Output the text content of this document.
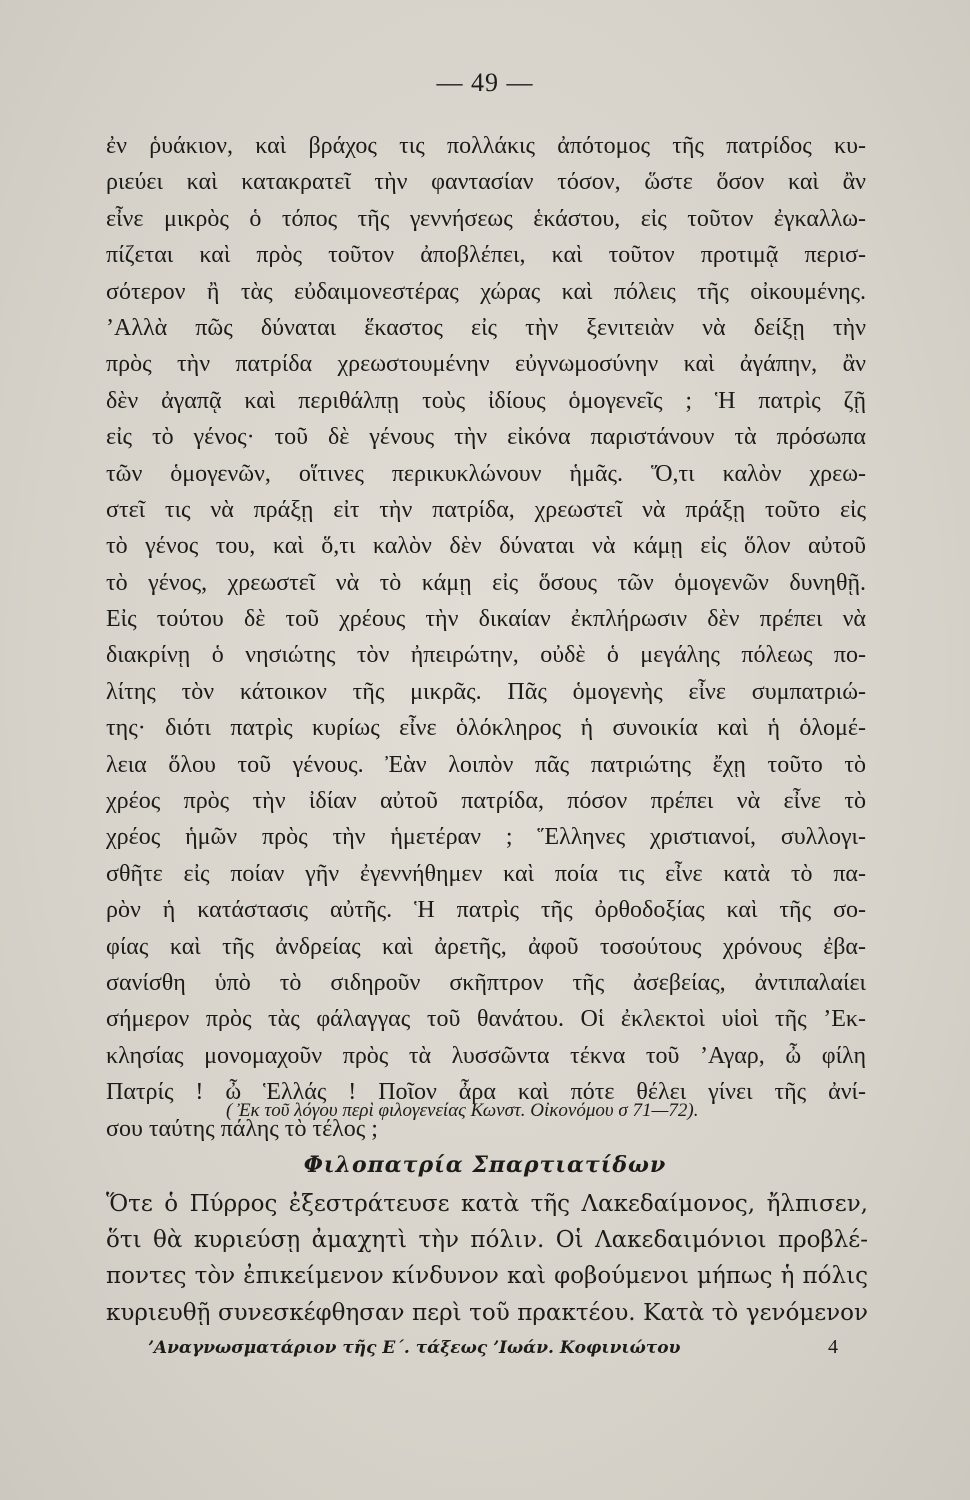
— 49 —
ἐν ῥυάκιον, καὶ βράχος τις πολλάκις ἀπότομος τῆς πατρίδος κυ-
ριεύει καὶ κατακρατεῖ τὴν φαντασίαν τόσον, ὥστε ὅσον καὶ ἂν
εἶνε μικρὸς ὁ τόπος τῆς γεννήσεως ἑκάστου, εἰς τοῦτον ἐγκαλλω-
πίζεται καὶ πρὸς τοῦτον ἀποβλέπει, καὶ τοῦτον προτιμᾷ περισ-
σότερον ἢ τὰς εὐδαιμονεστέρας χώρας καὶ πόλεις τῆς οἰκουμένης.
ʼΑλλὰ πῶς δύναται ἕκαστος εἰς τὴν ξενιτειὰν νὰ δείξῃ τὴν
πρὸς τὴν πατρίδα χρεωστουμένην εὐγνωμοσύνην καὶ ἀγάπην, ἂν
δὲν ἀγαπᾷ καὶ περιθάλπῃ τοὺς ἰδίους ὁμογενεῖς ; Ἡ πατρὶς ζῇ
εἰς τὸ γένος· τοῦ δὲ γένους τὴν εἰκόνα παριστάνουν τὰ πρόσωπα
τῶν ὁμογενῶν, οἵτινες περικυκλώνουν ἡμᾶς. Ὅ,τι καλὸν χρεω-
στεῖ τις νὰ πράξῃ εἰτ τὴν πατρίδα, χρεωστεῖ νὰ πράξῃ τοῦτο εἰς
τὸ γένος του, καὶ ὅ,τι καλὸν δὲν δύναται νὰ κάμῃ εἰς ὅλον αὐτοῦ
τὸ γένος, χρεωστεῖ νὰ τὸ κάμῃ εἰς ὅσους τῶν ὁμογενῶν δυνηθῇ.
Εἰς τούτου δὲ τοῦ χρέους τὴν δικαίαν ἐκπλήρωσιν δὲν πρέπει νὰ
διακρίνῃ ὁ νησιώτης τὸν ἠπειρώτην, οὐδὲ ὁ μεγάλης πόλεως πο-
λίτης τὸν κάτοικον τῆς μικρᾶς. Πᾶς ὁμογενὴς εἶνε συμπατριώ-
της· διότι πατρὶς κυρίως εἶνε ὁλόκληρος ἡ συνοικία καὶ ἡ ὁλομέ-
λεια ὅλου τοῦ γένους. Ἐὰν λοιπὸν πᾶς πατριώτης ἔχῃ τοῦτο τὸ
χρέος πρὸς τὴν ἰδίαν αὐτοῦ πατρίδα, πόσον πρέπει νὰ εἶνε τὸ
χρέος ἡμῶν πρὸς τὴν ἡμετέραν ; Ἕλληνες χριστιανοί, συλλογι-
σθῆτε εἰς ποίαν γῆν ἐγεννήθημεν καὶ ποία τις εἶνε κατὰ τὸ πα-
ρὸν ἡ κατάστασις αὐτῆς. Ἡ πατρὶς τῆς ὀρθοδοξίας καὶ τῆς σο-
φίας καὶ τῆς ἀνδρείας καὶ ἀρετῆς, ἀφοῦ τοσούτους χρόνους ἐβα-
σανίσθη ὑπὸ τὸ σιδηροῦν σκῆπτρον τῆς ἀσεβείας, ἀντιπαλαίει
σήμερον πρὸς τὰς φάλαγγας τοῦ θανάτου. Οἱ ἐκλεκτοὶ υἱοὶ τῆς ʼΕκ-
κλησίας μονομαχοῦν πρὸς τὰ λυσσῶντα τέκνα τοῦ ʼΑγαρ, ὦ φίλη
Πατρίς ! ὦ Ἑλλάς ! Ποῖον ἆρα καὶ πότε θέλει γίνει τῆς ἀνί-
σου ταύτης πάλης τὸ τέλος ;
( Ἐκ τοῦ λόγου περὶ φιλογενείας Κωνστ. Οἰκονόμου σ 71—72).
Φιλοπατρία Σπαρτιατίδων
Ὅτε ὁ Πύρρος ἐξεστράτευσε κατὰ τῆς Λακεδαίμονος, ἤλπισεν,
ὅτι θὰ κυριεύσῃ ἀμαχητὶ τὴν πόλιν. Οἱ Λακεδαιμόνιοι προβλέ-
ποντες τὸν ἐπικείμενον κίνδυνον καὶ φοβούμενοι μήπως ἡ πόλις
κυριευθῇ συνεσκέφθησαν περὶ τοῦ πρακτέου. Κατὰ τὸ γενόμενον
ʼΑναγνωσματάριον τῆς Ε΄. τάξεως ʼΙωάν. Κοφινιώτου	4
